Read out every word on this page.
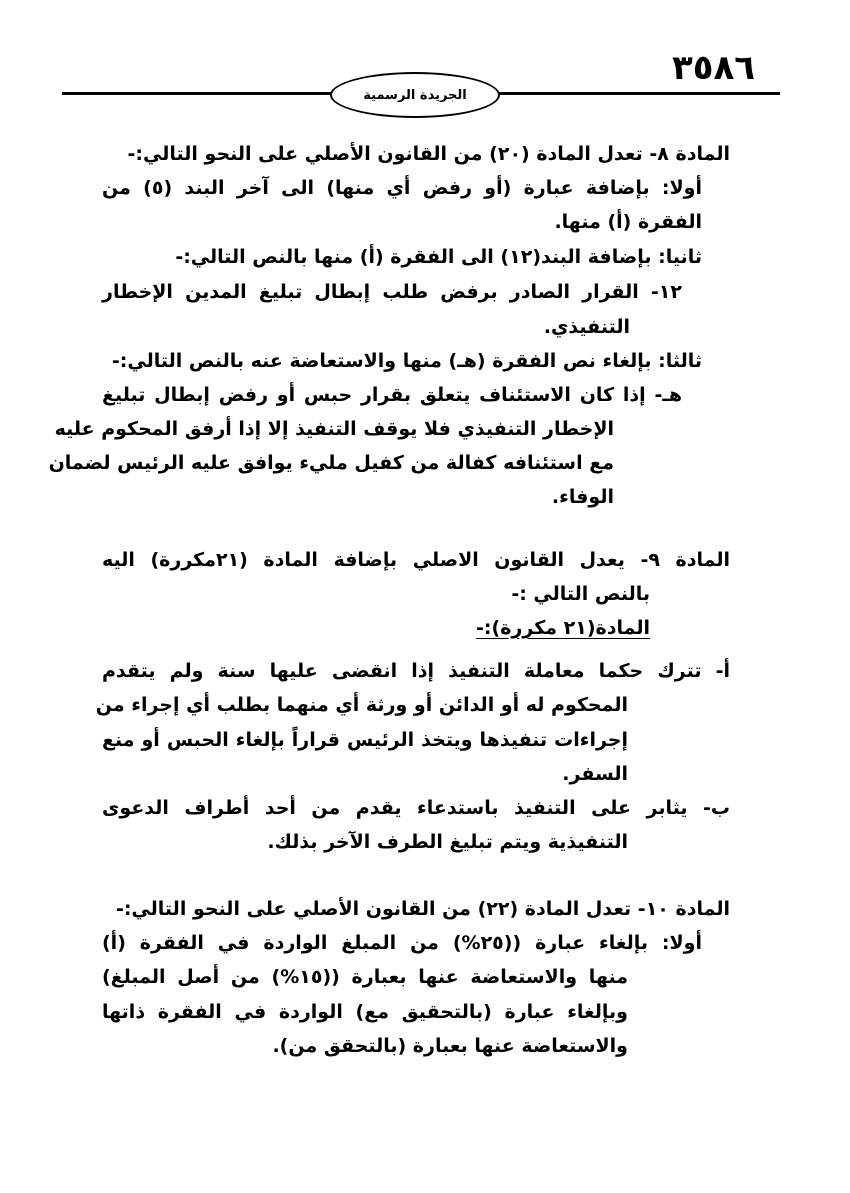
٣٥٨٦
الجريدة الرسمية

المادة ٨- تعدل المادة (٢٠) من القانون الأصلي على النحو التالي:-

أولا: بإضافة عبارة (أو رفض أي منها) الى آخر البند (٥) من

الفقرة (أ) منها.

ثانيا: بإضافة البند(١٢) الى الفقرة (أ) منها بالنص التالي:-

١٢- القرار الصادر برفض طلب إبطال تبليغ المدين الإخطار

التنفيذي.

ثالثا: بإلغاء نص الفقرة (هـ) منها والاستعاضة عنه بالنص التالي:-

هـ- إذا كان الاستئناف يتعلق بقرار حبس أو رفض إبطال تبليغ

الإخطار التنفيذي فلا يوقف التنفيذ إلا إذا أرفق المحكوم عليه

مع استئنافه كفالة من كفيل مليء يوافق عليه الرئيس لضمان

الوفاء.

المادة ٩- يعدل القانون الاصلي بإضافة المادة (٢١مكررة) اليه

بالنص التالي :-

المادة(٢١ مكررة):-

أ- تترك حكما معاملة التنفيذ إذا انقضى عليها سنة ولم يتقدم

المحكوم له أو الدائن أو ورثة أي منهما بطلب أي إجراء من

إجراءات تنفيذها ويتخذ الرئيس قراراً بإلغاء الحبس أو منع

السفر.

ب- يثابر على التنفيذ باستدعاء يقدم من أحد أطراف الدعوى

التنفيذية ويتم تبليغ الطرف الآخر بذلك.

المادة ١٠- تعدل المادة (٢٢) من القانون الأصلي على النحو التالي:-

أولا: بإلغاء عبارة ((٢٥%) من المبلغ الواردة في الفقرة (أ)

منها والاستعاضة عنها بعبارة ((١٥%) من أصل المبلغ)

وبإلغاء عبارة (بالتحقيق مع) الواردة في الفقرة ذاتها

والاستعاضة عنها بعبارة (بالتحقق من).
